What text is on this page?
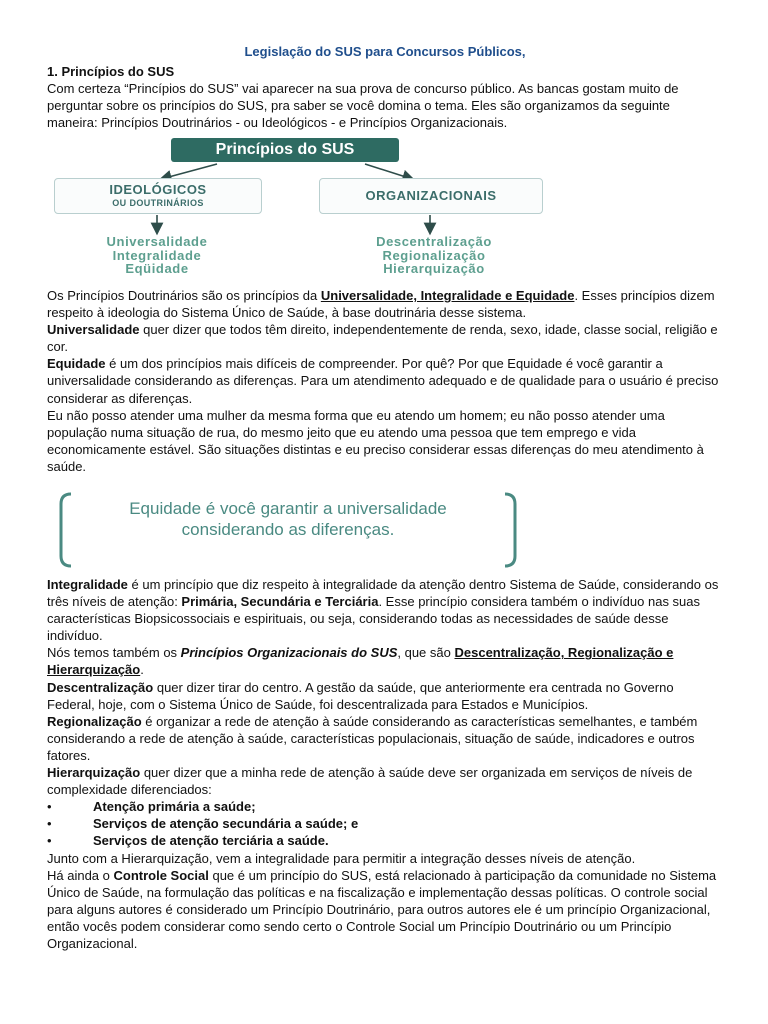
Legislação do SUS para Concursos Públicos,

1. Princípios do SUS

Com certeza “Princípios do SUS” vai aparecer na sua prova de concurso público. As bancas gostam muito de perguntar sobre os princípios do SUS, pra saber se você domina o tema. Eles são organizamos da seguinte maneira: Princípios Doutrinários - ou Ideológicos - e Princípios Organizacionais.

Princípios do SUS
IDEOLÓGICOS
OU DOUTRINÁRIOS	ORGANIZACIONAIS
Universalidade
Integralidade
Eqüidade
Descentralização
Regionalização
Hierarquização

Os Princípios Doutrinários são os princípios da Universalidade, Integralidade e Equidade. Esses princípios dizem respeito à ideologia do Sistema Único de Saúde, à base doutrinária desse sistema.

Universalidade quer dizer que todos têm direito, independentemente de renda, sexo, idade, classe social, religião e cor.

Equidade é um dos princípios mais difíceis de compreender. Por quê? Por que Equidade é você garantir a universalidade considerando as diferenças. Para um atendimento adequado e de qualidade para o usuário é preciso considerar as diferenças.

Eu não posso atender uma mulher da mesma forma que eu atendo um homem; eu não posso atender uma população numa situação de rua, do mesmo jeito que eu atendo uma pessoa que tem emprego e vida economicamente estável. São situações distintas e eu preciso considerar essas diferenças do meu atendimento à saúde.

Equidade é você garantir a universalidade considerando as diferenças.

Integralidade é um princípio que diz respeito à integralidade da atenção dentro Sistema de Saúde, considerando os três níveis de atenção: Primária, Secundária e Terciária. Esse princípio considera também o indivíduo nas suas características Biopsicossociais e espirituais, ou seja, considerando todas as necessidades de saúde desse indivíduo.

Nós temos também os Princípios Organizacionais do SUS, que são Descentralização, Regionalização e Hierarquização.

Descentralização quer dizer tirar do centro. A gestão da saúde, que anteriormente era centrada no Governo Federal, hoje, com o Sistema Único de Saúde, foi descentralizada para Estados e Municípios.

Regionalização é organizar a rede de atenção à saúde considerando as características semelhantes, e também considerando a rede de atenção à saúde, características populacionais, situação de saúde, indicadores e outros fatores.

Hierarquização quer dizer que a minha rede de atenção à saúde deve ser organizada em serviços de níveis de complexidade diferenciados:

•	Atenção primária a saúde;
•	Serviços de atenção secundária a saúde; e
•	Serviços de atenção terciária a saúde.

Junto com a Hierarquização, vem a integralidade para permitir a integração desses níveis de atenção.

Há ainda o Controle Social que é um princípio do SUS, está relacionado à participação da comunidade no Sistema Único de Saúde, na formulação das políticas e na fiscalização e implementação dessas políticas. O controle social para alguns autores é considerado um Princípio Doutrinário, para outros autores ele é um princípio Organizacional, então vocês podem considerar como sendo certo o Controle Social um Princípio Doutrinário ou um Princípio Organizacional.
